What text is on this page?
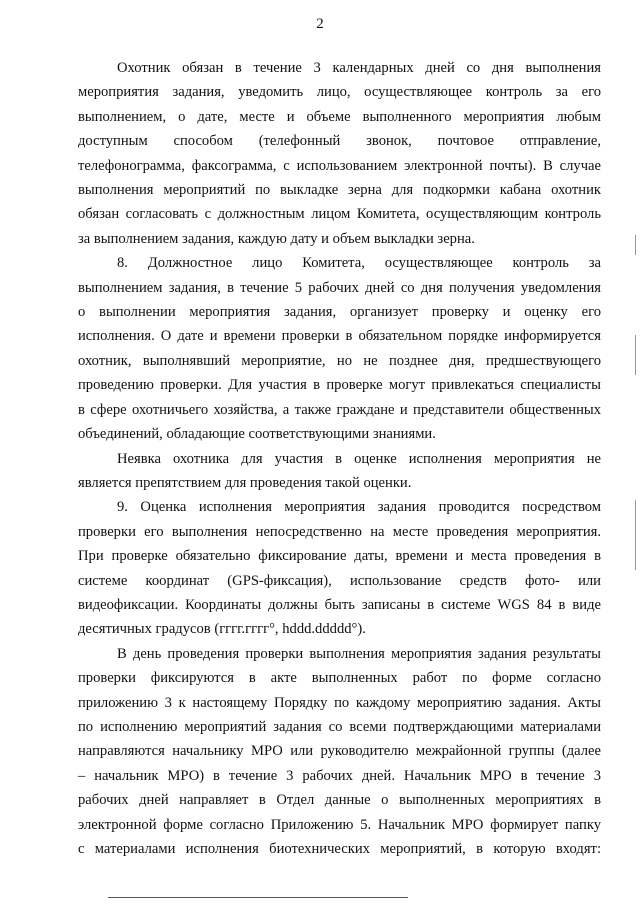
2

Охотник обязан в течение 3 календарных дней со дня выполнения

мероприятия задания, уведомить лицо, осуществляющее контроль за его

выполнением, о дате, месте и объеме выполненного мероприятия любым

доступным способом (телефонный звонок, почтовое отправление,

телефонограмма, факсограмма, с использованием электронной почты). В случае

выполнения мероприятий по выкладке зерна для подкормки кабана охотник

обязан согласовать с должностным лицом Комитета, осуществляющим контроль

за выполнением задания, каждую дату и объем выкладки зерна.

8. Должностное лицо Комитета, осуществляющее контроль за

выполнением задания, в течение 5 рабочих дней со дня получения уведомления

о выполнении мероприятия задания, организует проверку и оценку его

исполнения. О дате и времени проверки в обязательном порядке информируется

охотник, выполнявший мероприятие, но не позднее дня, предшествующего

проведению проверки. Для участия в проверке могут привлекаться специалисты

в сфере охотничьего хозяйства, а также граждане и представители общественных

объединений, обладающие соответствующими знаниями.

Неявка охотника для участия в оценке исполнения мероприятия не

является препятствием для проведения такой оценки.

9. Оценка исполнения мероприятия задания проводится посредством

проверки его выполнения непосредственно на месте проведения мероприятия.

При проверке обязательно фиксирование даты, времени и места проведения в

системе координат (GPS-фиксация), использование средств фото- или

видеофиксации. Координаты должны быть записаны в системе WGS 84 в виде

десятичных градусов (гггг.гггг°, hddd.ddddd°).

В день проведения проверки выполнения мероприятия задания результаты

проверки фиксируются в акте выполненных работ по форме согласно

приложению 3 к настоящему Порядку по каждому мероприятию задания. Акты

по исполнению мероприятий задания со всеми подтверждающими материалами

направляются начальнику МРО или руководителю межрайонной группы (далее

– начальник МРО) в течение 3 рабочих дней. Начальник МРО в течение 3

рабочих дней направляет в Отдел данные о выполненных мероприятиях в

электронной форме согласно Приложению 5. Начальник МРО формирует папку

с материалами исполнения биотехнических мероприятий, в которую входят:
